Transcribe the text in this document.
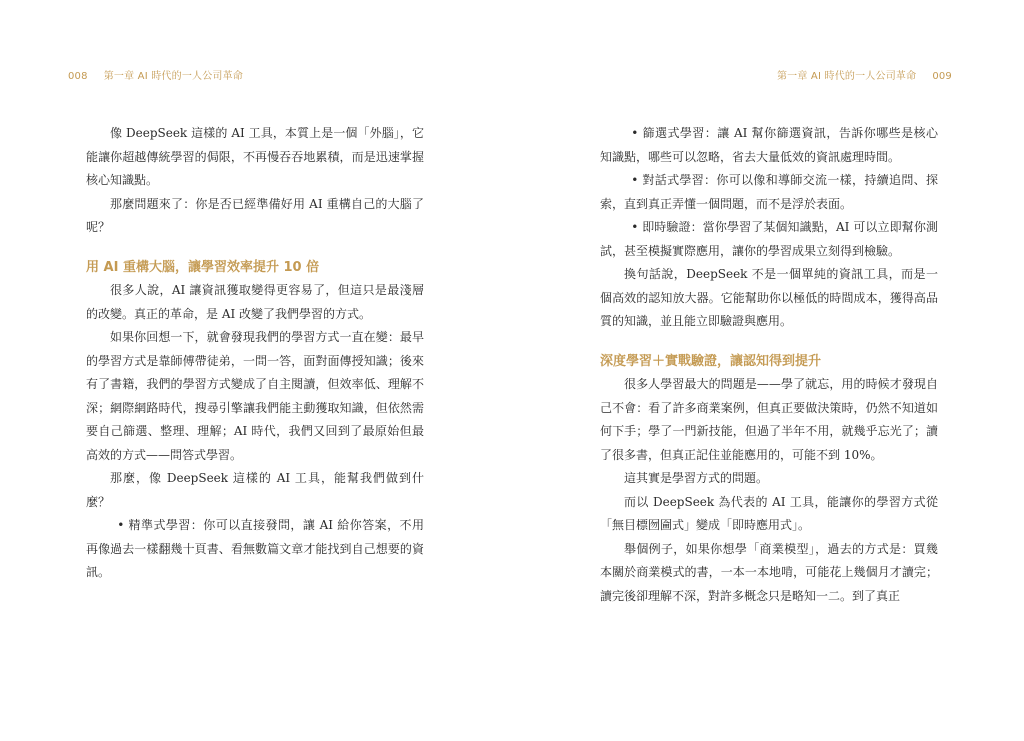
008 第一章 AI 時代的一人公司革命

像 DeepSeek 這樣的 AI 工具，本質上是一個「外腦」，它能讓你超越傳統學習的侷限，不再慢吞吞地累積，而是迅速掌握核心知識點。

那麼問題來了：你是否已經準備好用 AI 重構自己的大腦了呢？

用 AI 重構大腦，讓學習效率提升 10 倍

很多人說，AI 讓資訊獲取變得更容易了，但這只是最淺層的改變。真正的革命，是 AI 改變了我們學習的方式。

如果你回想一下，就會發現我們的學習方式一直在變：最早的學習方式是靠師傅帶徒弟，一問一答，面對面傳授知識；後來有了書籍，我們的學習方式變成了自主閱讀，但效率低、理解不深；網際網路時代，搜尋引擎讓我們能主動獲取知識，但依然需要自己篩選、整理、理解；AI 時代，我們又回到了最原始但最高效的方式——問答式學習。

那麼，像 DeepSeek 這樣的 AI 工具，能幫我們做到什麼？

• 精準式學習：你可以直接發問，讓 AI 給你答案，不用再像過去一樣翻幾十頁書、看無數篇文章才能找到自己想要的資訊。

第一章 AI 時代的一人公司革命 009

• 篩選式學習：讓 AI 幫你篩選資訊，告訴你哪些是核心知識點，哪些可以忽略，省去大量低效的資訊處理時間。

• 對話式學習：你可以像和導師交流一樣，持續追問、探索，直到真正弄懂一個問題，而不是浮於表面。

• 即時驗證：當你學習了某個知識點，AI 可以立即幫你測試，甚至模擬實際應用，讓你的學習成果立刻得到檢驗。

換句話說，DeepSeek 不是一個單純的資訊工具，而是一個高效的認知放大器。它能幫助你以極低的時間成本，獲得高品質的知識，並且能立即驗證與應用。

深度學習＋實戰驗證，讓認知得到提升

很多人學習最大的問題是——學了就忘，用的時候才發現自己不會：看了許多商業案例，但真正要做決策時，仍然不知道如何下手；學了一門新技能，但過了半年不用，就幾乎忘光了；讀了很多書，但真正記住並能應用的，可能不到 10%。

這其實是學習方式的問題。

而以 DeepSeek 為代表的 AI 工具，能讓你的學習方式從「無目標囫圇式」變成「即時應用式」。

舉個例子，如果你想學「商業模型」，過去的方式是：買幾本關於商業模式的書，一本一本地啃，可能花上幾個月才讀完；讀完後卻理解不深，對許多概念只是略知一二。到了真正
